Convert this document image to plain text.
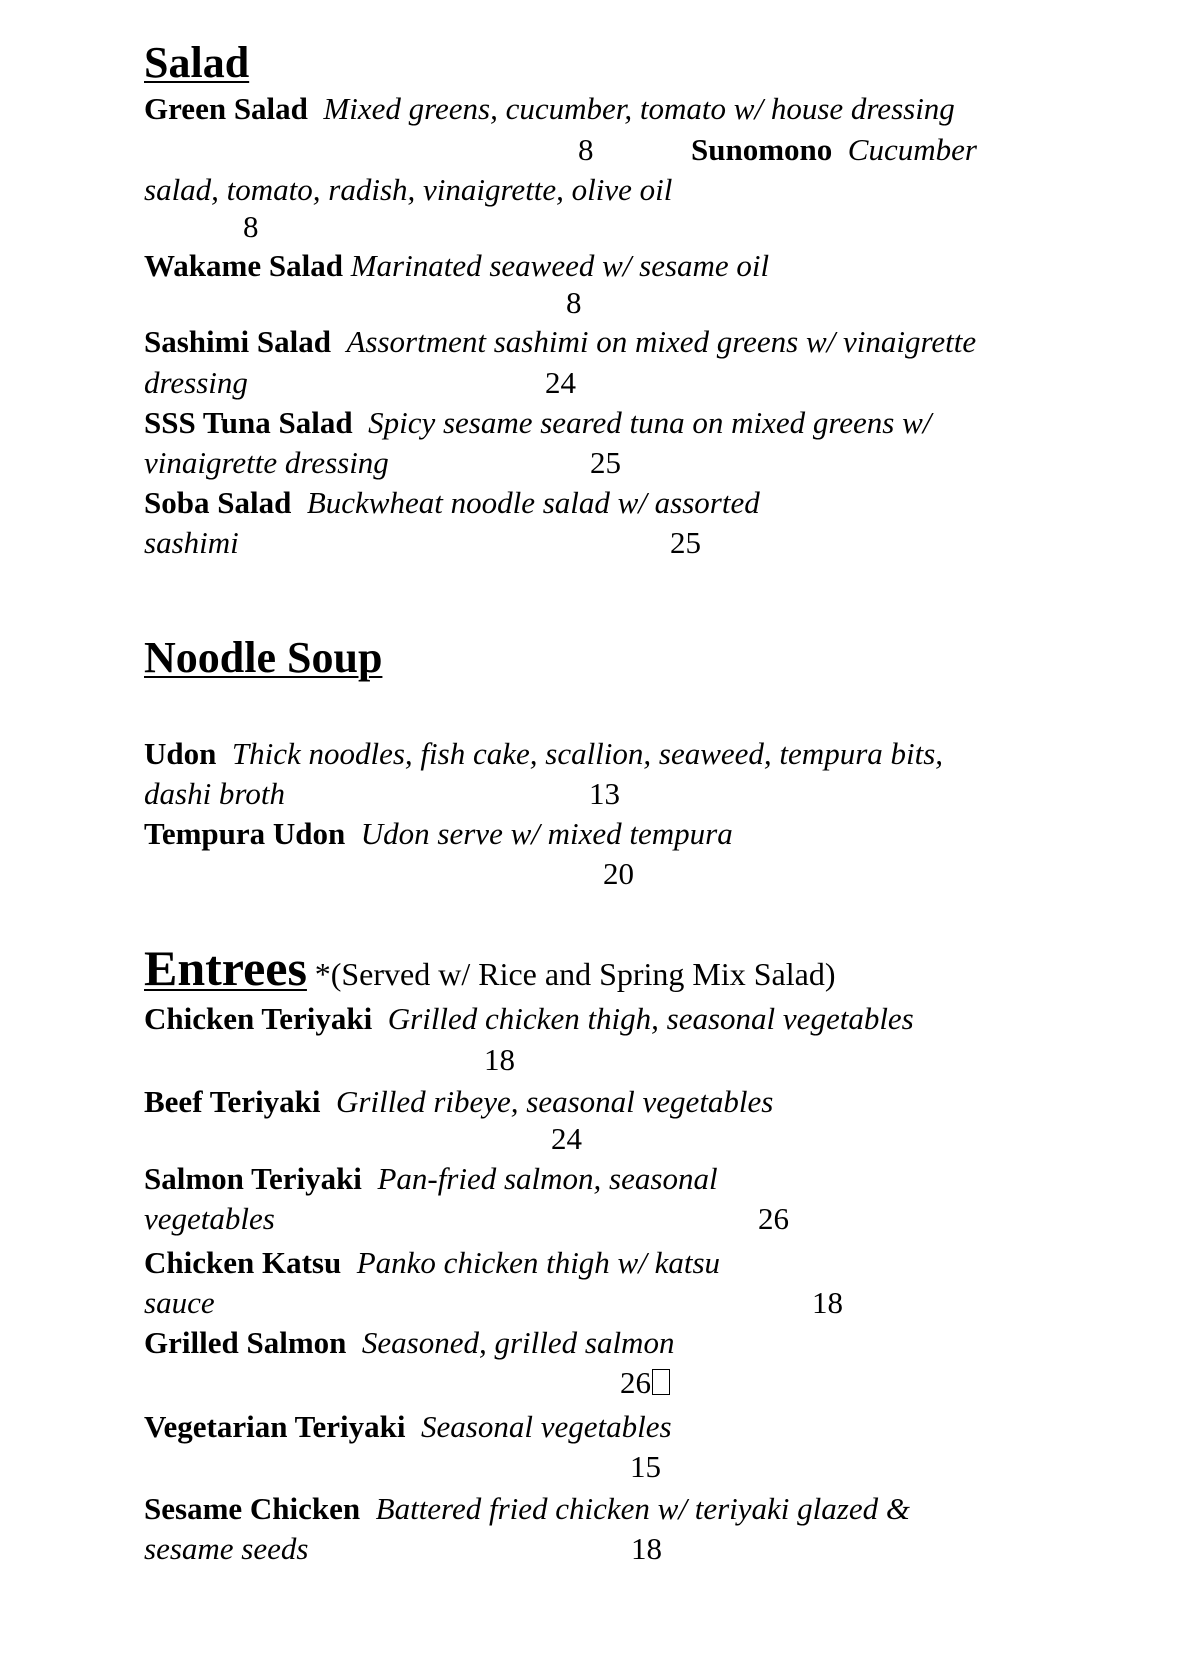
Salad
Green Salad Mixed greens, cucumber, tomato w/ house dressing
8	Sunomono Cucumber
salad, tomato, radish, vinaigrette, olive oil
8
Wakame Salad Marinated seaweed w/ sesame oil
8
Sashimi Salad Assortment sashimi on mixed greens w/ vinaigrette
dressing	24
SSS Tuna Salad Spicy sesame seared tuna on mixed greens w/
vinaigrette dressing	25
Soba Salad Buckwheat noodle salad w/ assorted
sashimi	25
Noodle Soup
Udon Thick noodles, fish cake, scallion, seaweed, tempura bits,
dashi broth	13
Tempura Udon Udon serve w/ mixed tempura
20
Entrees *(Served w/ Rice and Spring Mix Salad)
Chicken Teriyaki Grilled chicken thigh, seasonal vegetables
18
Beef Teriyaki Grilled ribeye, seasonal vegetables
24
Salmon Teriyaki Pan-fried salmon, seasonal
vegetables	26
Chicken Katsu Panko chicken thigh w/ katsu
sauce	18
Grilled Salmon Seasoned, grilled salmon
26
Vegetarian Teriyaki Seasonal vegetables
15
Sesame Chicken Battered fried chicken w/ teriyaki glazed &
sesame seeds	18
